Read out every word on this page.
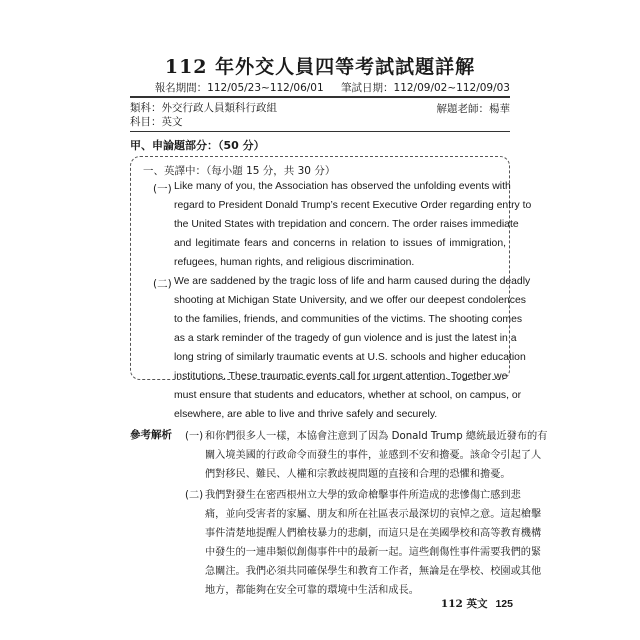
112 年外交人員四等考試試題詳解
報名期間：112/05/23~112/06/01 筆試日期：112/09/02~112/09/03
類科：外交行政人員類科行政組
科目：英文
解題老師：楊華
甲、申論題部分：（50 分）
一、英譯中：（每小題 15 分，共 30 分）
(一) Like many of you, the Association has observed the unfolding events with
regard to President Donald Trump’s recent Executive Order regarding entry to
the United States with trepidation and concern. The order raises immediate
and legitimate fears and concerns in relation to issues of immigration,
refugees, human rights, and religious discrimination.
(二) We are saddened by the tragic loss of life and harm caused during the deadly
shooting at Michigan State University, and we offer our deepest condolences
to the families, friends, and communities of the victims. The shooting comes
as a stark reminder of the tragedy of gun violence and is just the latest in a
long string of similarly traumatic events at U.S. schools and higher education
institutions. These traumatic events call for urgent attention. Together we
must ensure that students and educators, whether at school, on campus, or
elsewhere, are able to live and thrive safely and securely.
參考解析 (一) 和你們很多人一樣，本協會注意到了因為 Donald Trump 總統最近發布的有
關入境美國的行政命令而發生的事件，並感到不安和擔憂。該命令引起了人
們對移民、難民、人權和宗教歧視問題的直接和合理的恐懼和擔憂。
(二) 我們對發生在密西根州立大學的致命槍擊事件所造成的悲慘傷亡感到悲
痛，並向受害者的家屬、朋友和所在社區表示最深切的哀悼之意。這起槍擊
事件清楚地提醒人們槍枝暴力的悲劇，而這只是在美國學校和高等教育機構
中發生的一連串類似創傷事件中的最新一起。這些創傷性事件需要我們的緊
急關注。我們必須共同確保學生和教育工作者，無論是在學校、校園或其他
地方，都能夠在安全可靠的環境中生活和成長。
112 英文 125
